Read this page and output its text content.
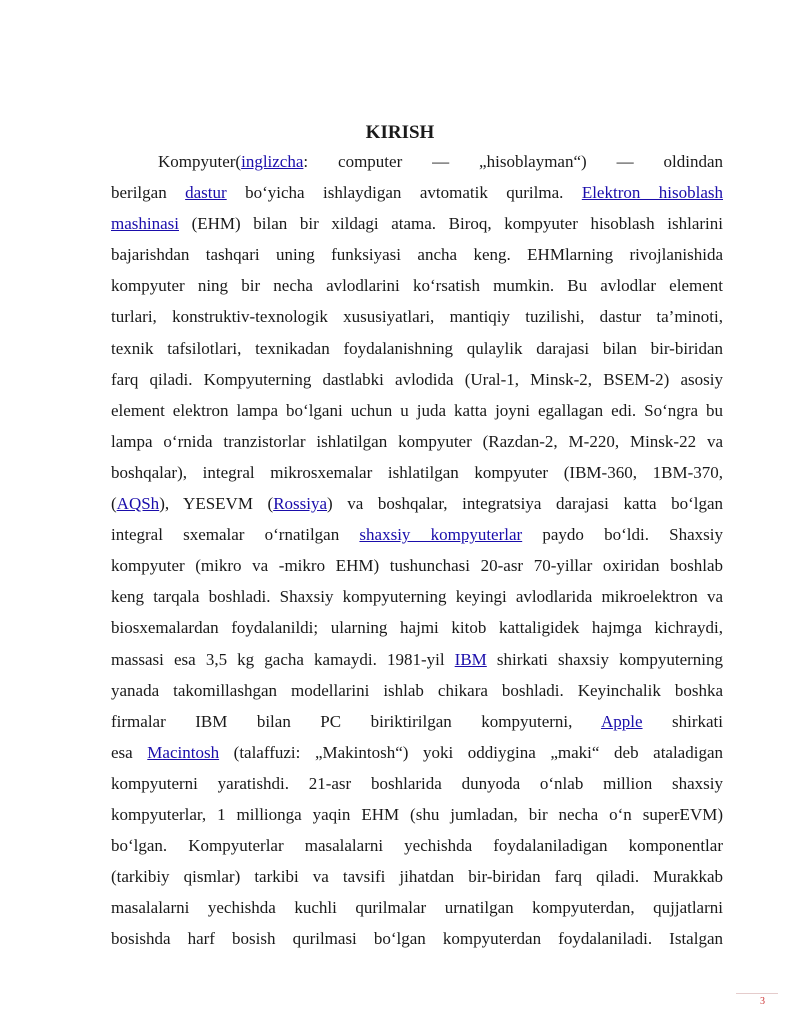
KIRISH
Kompyuter(inglizcha: computer — „hisoblayman“) — oldindan
berilgan dastur bo‘yicha ishlaydigan avtomatik qurilma. Elektron hisoblash
mashinasi (EHM) bilan bir xildagi atama. Biroq, kompyuter hisoblash ishlarini
bajarishdan tashqari uning funksiyasi ancha keng. EHMlarning rivojlanishida
kompyuter ning bir necha avlodlarini ko‘rsatish mumkin. Bu avlodlar element
turlari, konstruktiv-texnologik xususiyatlari, mantiqiy tuzilishi, dastur ta’minoti,
texnik tafsilotlari, texnikadan foydalanishning qulaylik darajasi bilan bir-biridan
farq qiladi. Kompyuterning dastlabki avlodida (Ural-1, Minsk-2, BSEM-2) asosiy
element elektron lampa bo‘lgani uchun u juda katta joyni egallagan edi. So‘ngra bu
lampa o‘rnida tranzistorlar ishlatilgan kompyuter (Razdan-2, M-220, Minsk-22 va
boshqalar), integral mikrosxemalar ishlatilgan kompyuter (IBM-360, 1BM-370,
(AQSh), YESEVM (Rossiya) va boshqalar, integratsiya darajasi katta bo‘lgan
integral sxemalar o‘rnatilgan shaxsiy kompyuterlar paydo bo‘ldi. Shaxsiy
kompyuter (mikro va -mikro EHM) tushunchasi 20-asr 70-yillar oxiridan boshlab
keng tarqala boshladi. Shaxsiy kompyuterning keyingi avlodlarida mikroelektron va
biosxemalardan foydalanildi; ularning hajmi kitob kattaligidek hajmga kichraydi,
massasi esa 3,5 kg gacha kamaydi. 1981-yil IBM shirkati shaxsiy kompyuterning
yanada takomillashgan modellarini ishlab chikara boshladi. Keyinchalik boshka
firmalar IBM bilan PC biriktirilgan kompyuterni, Apple shirkati
esa Macintosh (talaffuzi: „Makintosh“) yoki oddiygina „maki“ deb ataladigan
kompyuterni yaratishdi. 21-asr boshlarida dunyoda o‘nlab million shaxsiy
kompyuterlar, 1 millionga yaqin EHM (shu jumladan, bir necha o‘n superEVM)
bo‘lgan. Kompyuterlar masalalarni yechishda foydalaniladigan komponentlar
(tarkibiy qismlar) tarkibi va tavsifi jihatdan bir-biridan farq qiladi. Murakkab
masalalarni yechishda kuchli qurilmalar urnatilgan kompyuterdan, qujjatlarni
bosishda harf bosish qurilmasi bo‘lgan kompyuterdan foydalaniladi. Istalgan
3
